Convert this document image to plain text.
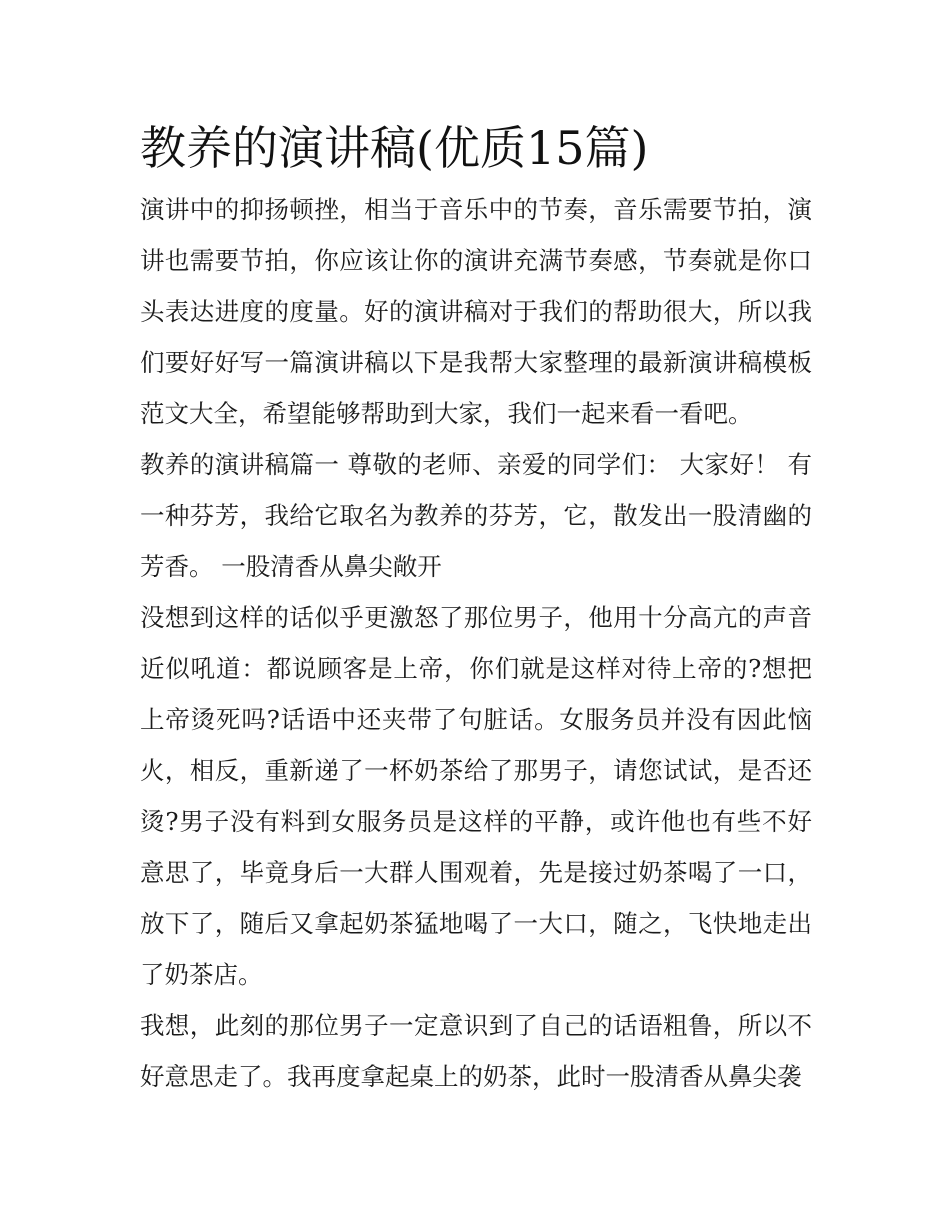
教养的演讲稿(优质15篇)

演讲中的抑扬顿挫，相当于音乐中的节奏，音乐需要节拍，演讲也需要节拍，你应该让你的演讲充满节奏感，节奏就是你口头表达进度的度量。好的演讲稿对于我们的帮助很大，所以我们要好好写一篇演讲稿以下是我帮大家整理的最新演讲稿模板范文大全，希望能够帮助到大家，我们一起来看一看吧。

教养的演讲稿篇一 尊敬的老师、亲爱的同学们： 大家好！ 有一种芬芳，我给它取名为教养的芬芳，它，散发出一股清幽的芳香。 一股清香从鼻尖敞开

没想到这样的话似乎更激怒了那位男子，他用十分高亢的声音近似吼道：都说顾客是上帝，你们就是这样对待上帝的?想把上帝烫死吗?话语中还夹带了句脏话。女服务员并没有因此恼火，相反，重新递了一杯奶茶给了那男子，请您试试，是否还烫?男子没有料到女服务员是这样的平静，或许他也有些不好意思了，毕竟身后一大群人围观着，先是接过奶茶喝了一口，放下了，随后又拿起奶茶猛地喝了一大口，随之，飞快地走出了奶茶店。

我想，此刻的那位男子一定意识到了自己的话语粗鲁，所以不好意思走了。我再度拿起桌上的奶茶，此时一股清香从鼻尖袭
